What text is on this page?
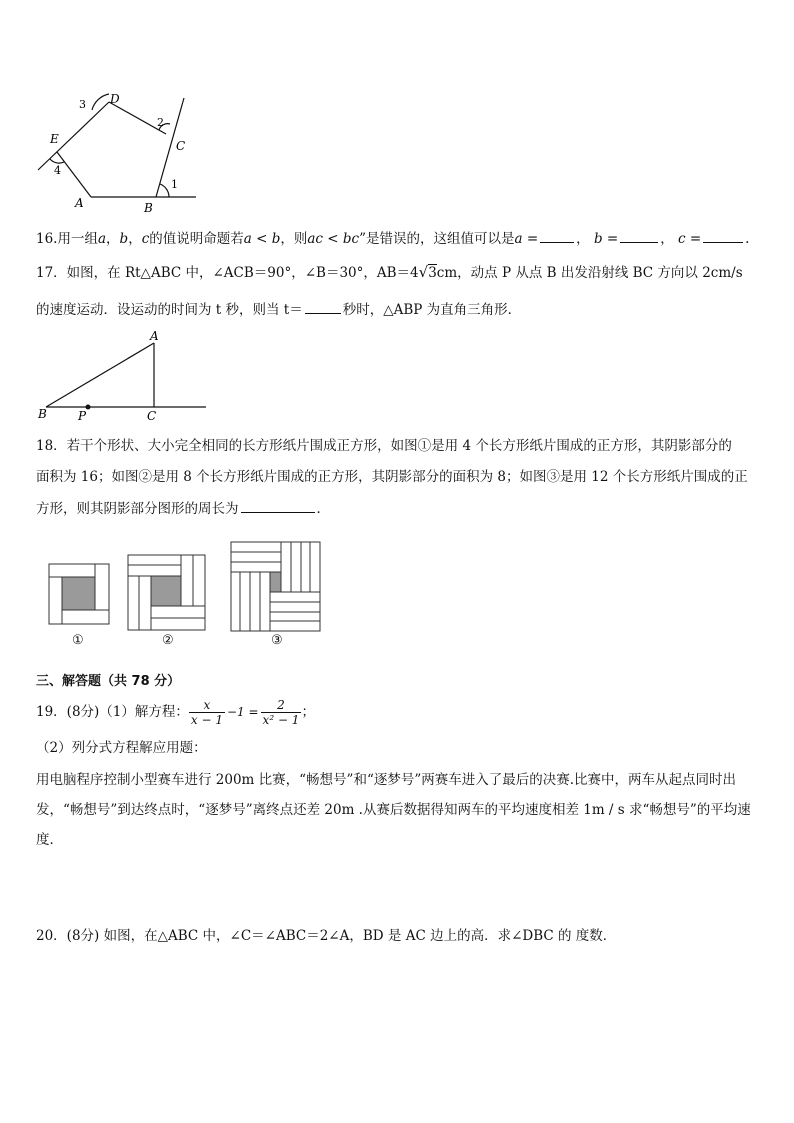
D
C
E
A	B
1
2
3
4
16.用一组a，b，c的值说明命题若a < b，则ac < bc”是错误的，这组值可以是a =	， b =	， c =	.
17．如图，在 Rt△ABC 中，∠ACB＝90°，∠B＝30°，AB＝4√3cm，动点 P 从点 B 出发沿射线 BC 方向以 2cm/s
的速度运动．设运动的时间为 t 秒，则当 t＝	秒时，△ABP 为直角三角形．
A
B	P	C
18．若干个形状、大小完全相同的长方形纸片围成正方形，如图①是用 4 个长方形纸片围成的正方形，其阴影部分的
面积为 16；如图②是用 8 个长方形纸片围成的正方形，其阴影部分的面积为 8；如图③是用 12 个长方形纸片围成的正
方形，则其阴影部分图形的周长为	．
①	②	③
三、解答题（共 78 分）
19．(8分)（1）解方程： $\frac{x}{x - 1} -1 = \frac{2}{\text{x² − 1}}$ ；
（2）列分式方程解应用题：
用电脑程序控制小型赛车进行 200m 比赛，“畅想号”和“逐梦号”两赛车进入了最后的决赛.比赛中，两车从起点同时出
发，“畅想号”到达终点时，“逐梦号”离终点还差 20m .从赛后数据得知两车的平均速度相差 1m / s 求“畅想号”的平均速
度．
20．(8分) 如图，在△ABC 中，∠C＝∠ABC＝2∠A，BD 是 AC 边上的高．求∠DBC 的 度数．
